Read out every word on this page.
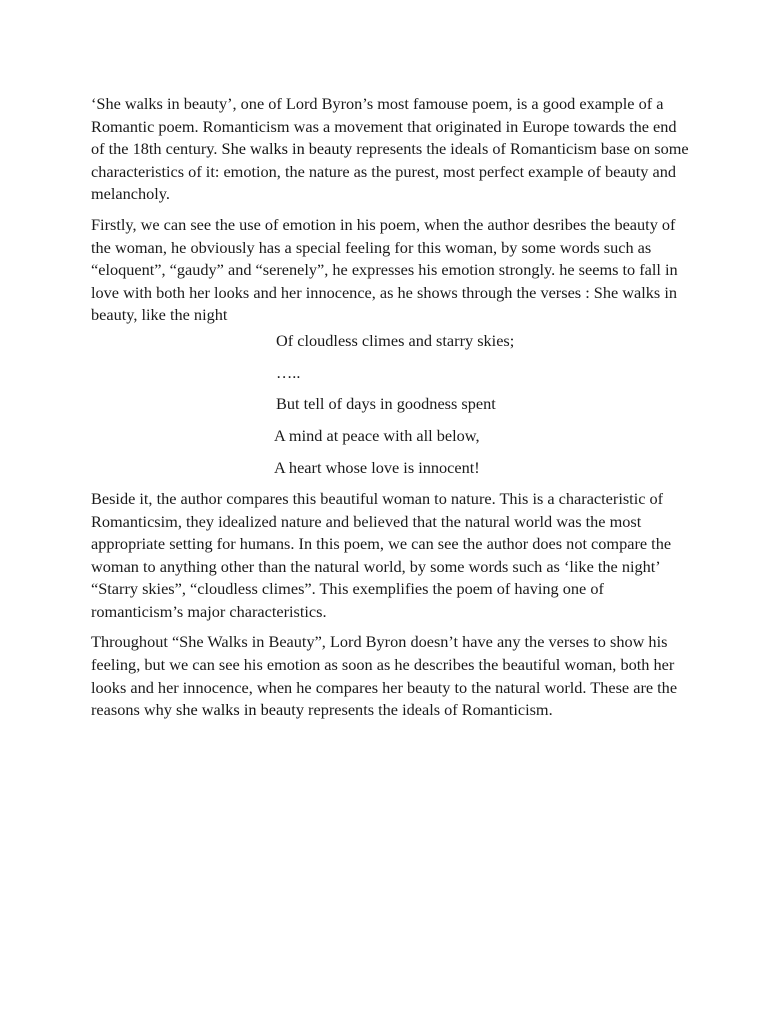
‘She walks in beauty’, one of Lord Byron’s most famouse poem, is a good example of a Romantic poem. Romanticism was a movement that originated in Europe towards the end of the 18th century. She walks in beauty represents the ideals of Romanticism base on some characteristics of it: emotion, the nature as the purest, most perfect example of beauty and melancholy.

Firstly, we can see the use of emotion in his poem, when the author desribes the beauty of the woman, he obviously has a special feeling for this woman, by some words such as “eloquent”, “gaudy” and “serenely”, he expresses his emotion strongly. he seems to fall in love with both her looks and her innocence, as he shows through the verses : She walks in beauty, like the night

Of cloudless climes and starry skies;

…..

But tell of days in goodness spent

A mind at peace with all below,

A heart whose love is innocent!

Beside it, the author compares this beautiful woman to nature. This is a characteristic of Romanticsim, they idealized nature and believed that the natural world was the most appropriate setting for humans. In this poem, we can see the author does not compare the woman to anything other than the natural world, by some words such as ‘like the night’ “Starry skies”, “cloudless climes”. This exemplifies the poem of having one of romanticism’s major characteristics.

Throughout “She Walks in Beauty”, Lord Byron doesn’t have any the verses to show his feeling, but we can see his emotion as soon as he describes the beautiful woman, both her looks and her innocence, when he compares her beauty to the natural world. These are the reasons why she walks in beauty represents the ideals of Romanticism.
